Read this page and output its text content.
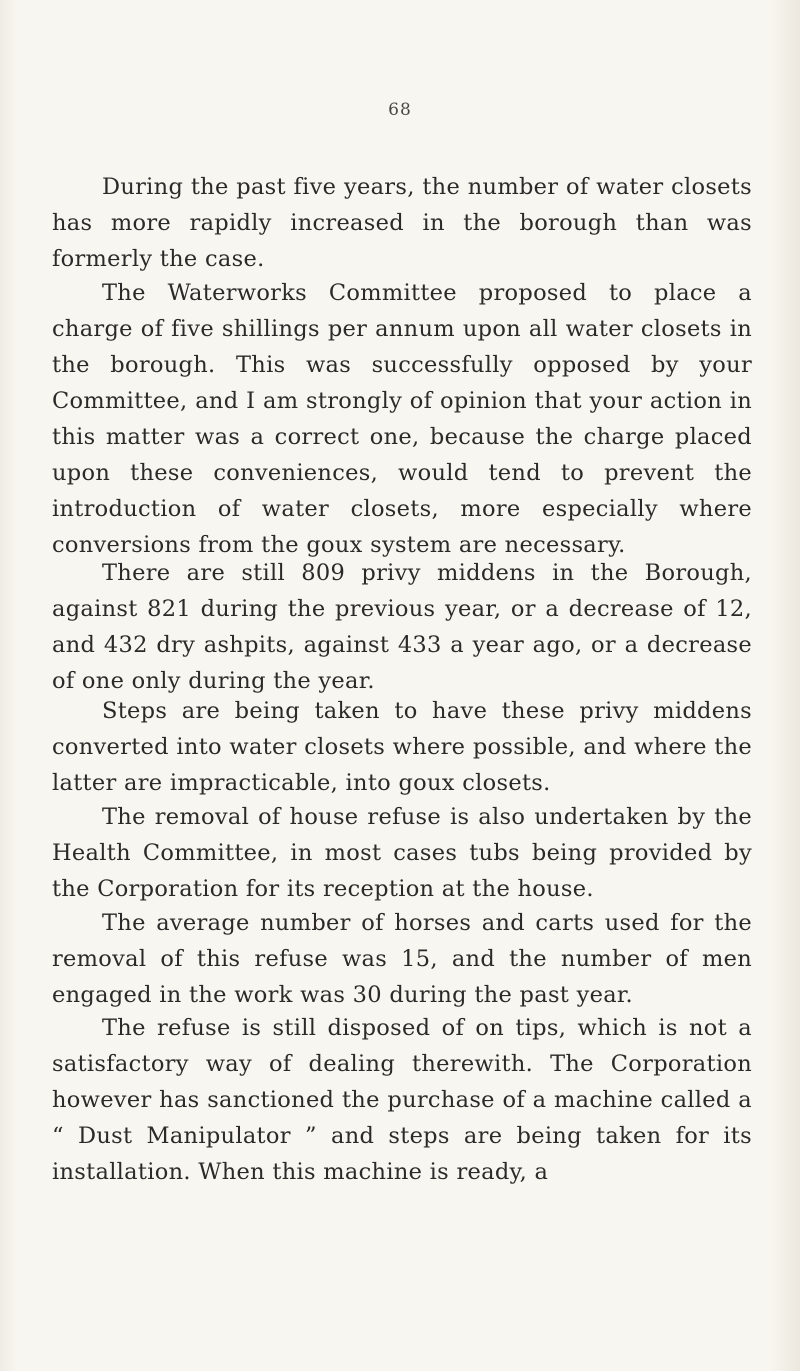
68

During the past five years, the number of water closets has more rapidly increased in the borough than was formerly the case.

The Waterworks Committee proposed to place a charge of five shillings per annum upon all water closets in the borough. This was successfully opposed by your Committee, and I am strongly of opinion that your action in this matter was a correct one, because the charge placed upon these conveniences, would tend to prevent the introduction of water closets, more especially where conversions from the goux system are necessary.

There are still 809 privy middens in the Borough, against 821 during the previous year, or a decrease of 12, and 432 dry ashpits, against 433 a year ago, or a decrease of one only during the year.

Steps are being taken to have these privy middens converted into water closets where possible, and where the latter are impracticable, into goux closets.

The removal of house refuse is also undertaken by the Health Committee, in most cases tubs being provided by the Corporation for its reception at the house.

The average number of horses and carts used for the removal of this refuse was 15, and the number of men engaged in the work was 30 during the past year.

The refuse is still disposed of on tips, which is not a satisfactory way of dealing therewith. The Corporation however has sanctioned the purchase of a machine called a “ Dust Manipulator ” and steps are being taken for its installation. When this machine is ready, a
